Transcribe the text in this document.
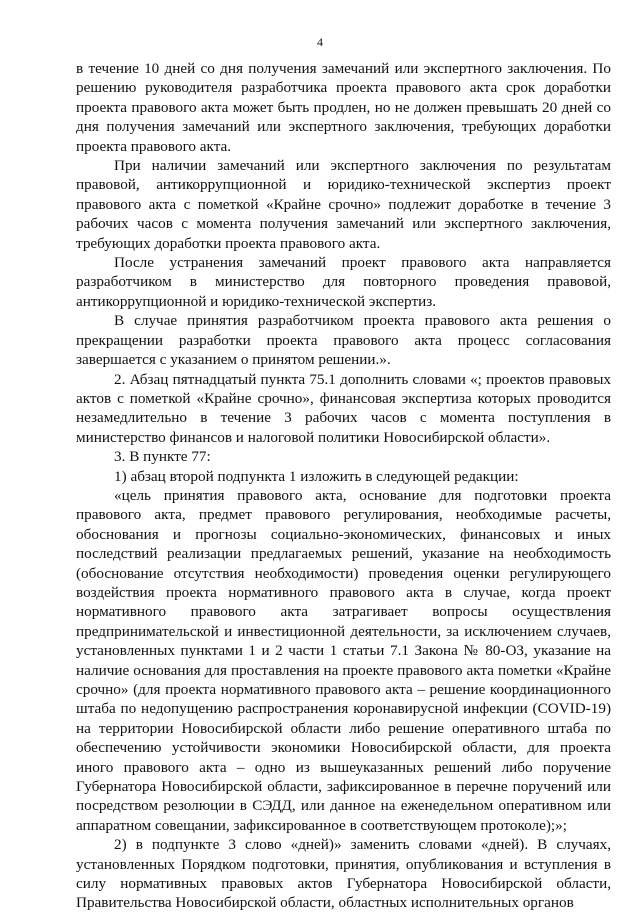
4

в течение 10 дней со дня получения замечаний или экспертного заключения. По решению руководителя разработчика проекта правового акта срок доработки проекта правового акта может быть продлен, но не должен превышать 20 дней со дня получения замечаний или экспертного заключения, требующих доработки проекта правового акта.

При наличии замечаний или экспертного заключения по результатам правовой, антикоррупционной и юридико-технической экспертиз проект правового акта с пометкой «Крайне срочно» подлежит доработке в течение 3 рабочих часов с момента получения замечаний или экспертного заключения, требующих доработки проекта правового акта.

После устранения замечаний проект правового акта направляется разработчиком в министерство для повторного проведения правовой, антикоррупционной и юридико-технической экспертиз.

В случае принятия разработчиком проекта правового акта решения о прекращении разработки проекта правового акта процесс согласования завершается с указанием о принятом решении.».

2. Абзац пятнадцатый пункта 75.1 дополнить словами «; проектов правовых актов с пометкой «Крайне срочно», финансовая экспертиза которых проводится незамедлительно в течение 3 рабочих часов с момента поступления в министерство финансов и налоговой политики Новосибирской области».

3. В пункте 77:

1) абзац второй подпункта 1 изложить в следующей редакции:

«цель принятия правового акта, основание для подготовки проекта правового акта, предмет правового регулирования, необходимые расчеты, обоснования и прогнозы социально-экономических, финансовых и иных последствий реализации предлагаемых решений, указание на необходимость (обоснование отсутствия необходимости) проведения оценки регулирующего воздействия проекта нормативного правового акта в случае, когда проект нормативного правового акта затрагивает вопросы осуществления предпринимательской и инвестиционной деятельности, за исключением случаев, установленных пунктами 1 и 2 части 1 статьи 7.1 Закона № 80-ОЗ, указание на наличие основания для проставления на проекте правового акта пометки «Крайне срочно» (для проекта нормативного правового акта – решение координационного штаба по недопущению распространения коронавирусной инфекции (COVID-19) на территории Новосибирской области либо решение оперативного штаба по обеспечению устойчивости экономики Новосибирской области, для проекта иного правового акта – одно из вышеуказанных решений либо поручение Губернатора Новосибирской области, зафиксированное в перечне поручений или посредством резолюции в СЭДД, или данное на еженедельном оперативном или аппаратном совещании, зафиксированное в соответствующем протоколе);»;

2) в подпункте 3 слово «дней)» заменить словами «дней). В случаях, установленных Порядком подготовки, принятия, опубликования и вступления в силу нормативных правовых актов Губернатора Новосибирской области, Правительства Новосибирской области, областных исполнительных органов
